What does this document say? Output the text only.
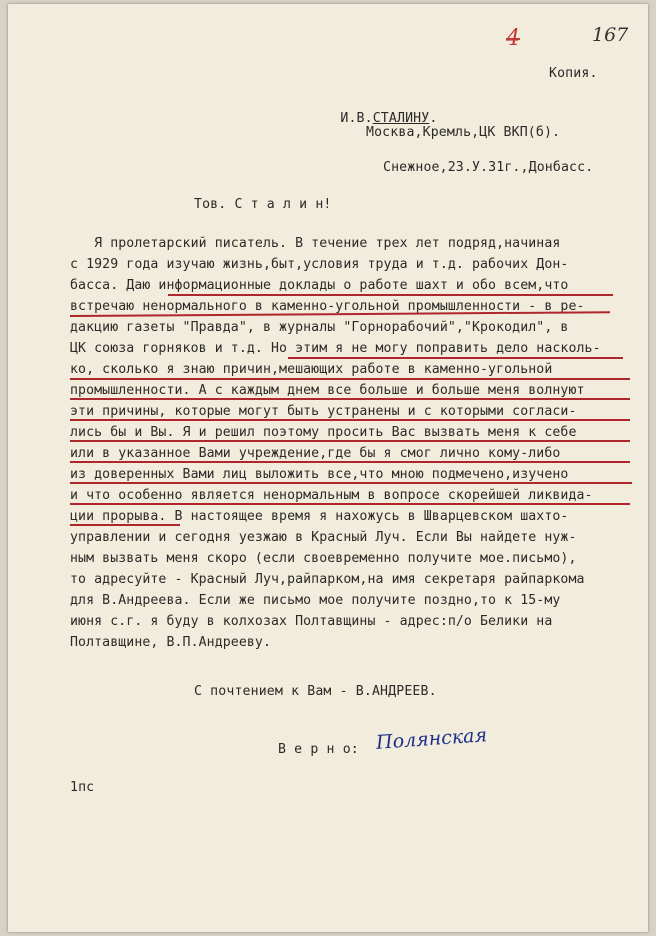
4	167
Копия.

И.В.СТАЛИНУ.

Москва,Кремль,ЦК ВКП(б).
Снежное,23.У.31г.,Донбасс.
Тов. С т а л и н!
Я пролетарский писатель. В течение трех лет подряд,начиная
с 1929 года изучаю жизнь,быт,условия труда и т.д. рабочих Дон-
басса. Даю информационные доклады о работе шахт и обо всем,что
встречаю ненормального в каменно-угольной промышленности - в ре-
дакцию газеты "Правда", в журналы "Горнорабочий","Крокодил", в
ЦК союза горняков и т.д. Но этим я не могу поправить дело насколь-
ко, сколько я знаю причин,мешающих работе в каменно-угольной
промышленности. А с каждым днем все больше и больше меня волнуют
эти причины, которые могут быть устранены и с которыми согласи-
лись бы и Вы. Я и решил поэтому просить Вас вызвать меня к себе
или в указанное Вами учреждение,где бы я смог лично кому-либо
из доверенных Вами лиц выложить все,что мною подмечено,изучено
и что особенно является ненормальным в вопросе скорейшей ликвида-
ции прорыва. В настоящее время я нахожусь в Шварцевском шахто-
управлении и сегодня уезжаю в Красный Луч. Если Вы найдете нуж-
ным вызвать меня скоро (если своевременно получите мое.письмо),
то адресуйте - Красный Луч,райпарком,на имя секретаря райпаркома
для В.Андреева. Если же письмо мое получите поздно,то к 15-му
июня с.г. я буду в колхозах Полтавщины - адрес:п/о Белики на
Полтавщине, В.П.Андрееву.
С почтением к Вам - В.АНДРЕЕВ.
В е р н о: Полянская
1пс
